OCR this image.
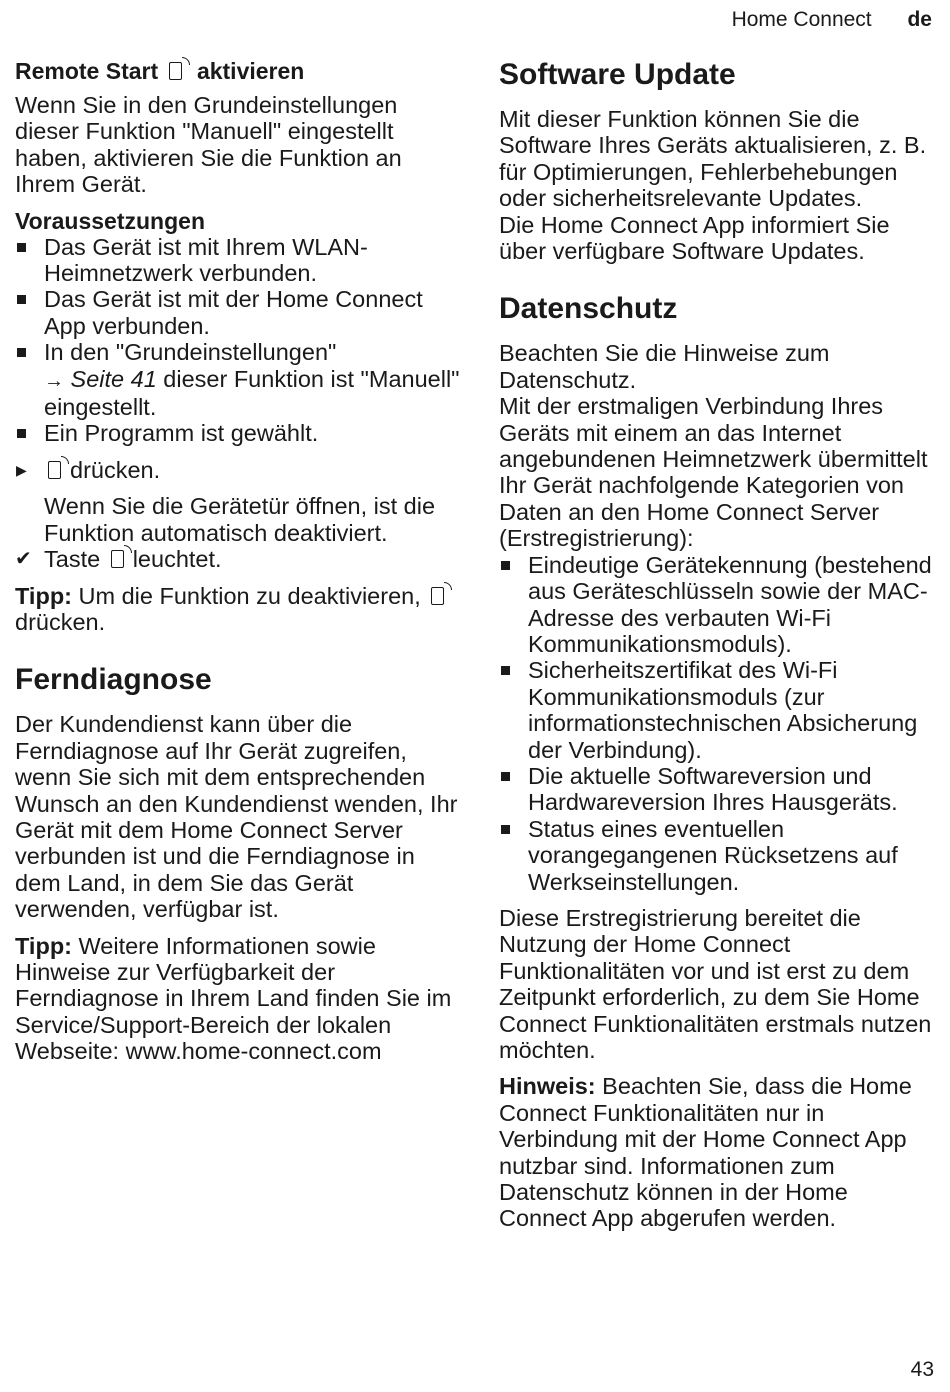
Home Connect de
Remote Start aktivieren

Wenn Sie in den Grundeinstellungen dieser Funktion "Manuell" eingestellt haben, aktivieren Sie die Funktion an Ihrem Gerät.

Voraussetzungen
Das Gerät ist mit Ihrem WLAN-Heimnetzwerk verbunden.
Das Gerät ist mit der Home Connect App verbunden.
In den "Grundeinstellungen"
→ Seite 41 dieser Funktion ist "Manuell" eingestellt.
Ein Programm ist gewählt.
▶ drücken.

Wenn Sie die Gerätetür öffnen, ist die Funktion automatisch deaktiviert.

✔ Taste leuchtet.

Tipp: Um die Funktion zu deaktivieren, drücken.

Ferndiagnose

Der Kundendienst kann über die Ferndiagnose auf Ihr Gerät zugreifen, wenn Sie sich mit dem entsprechenden Wunsch an den Kundendienst wenden, Ihr Gerät mit dem Home Connect Server verbunden ist und die Ferndiagnose in dem Land, in dem Sie das Gerät verwenden, verfügbar ist.

Tipp: Weitere Informationen sowie Hinweise zur Verfügbarkeit der Ferndiagnose in Ihrem Land finden Sie im Service/Support-Bereich der lokalen Webseite: www.home-connect.com

Software Update

Mit dieser Funktion können Sie die Software Ihres Geräts aktualisieren, z. B. für Optimierungen, Fehlerbehebungen oder sicherheitsrelevante Updates.

Die Home Connect App informiert Sie über verfügbare Software Updates.

Datenschutz

Beachten Sie die Hinweise zum Datenschutz.

Mit der erstmaligen Verbindung Ihres Geräts mit einem an das Internet angebundenen Heimnetzwerk übermittelt Ihr Gerät nachfolgende Kategorien von Daten an den Home Connect Server (Erstregistrierung):

Eindeutige Gerätekennung (bestehend aus Geräteschlüsseln sowie der MAC-Adresse des verbauten Wi-Fi Kommunikationsmoduls).
Sicherheitszertifikat des Wi-Fi Kommunikationsmoduls (zur informationstechnischen Absicherung der Verbindung).
Die aktuelle Softwareversion und Hardwareversion Ihres Hausgeräts.
Status eines eventuellen vorangegangenen Rücksetzens auf Werkseinstellungen.

Diese Erstregistrierung bereitet die Nutzung der Home Connect Funktionalitäten vor und ist erst zu dem Zeitpunkt erforderlich, zu dem Sie Home Connect Funktionalitäten erstmals nutzen möchten.

Hinweis: Beachten Sie, dass die Home Connect Funktionalitäten nur in Verbindung mit der Home Connect App nutzbar sind. Informationen zum Datenschutz können in der Home Connect App abgerufen werden.

43
